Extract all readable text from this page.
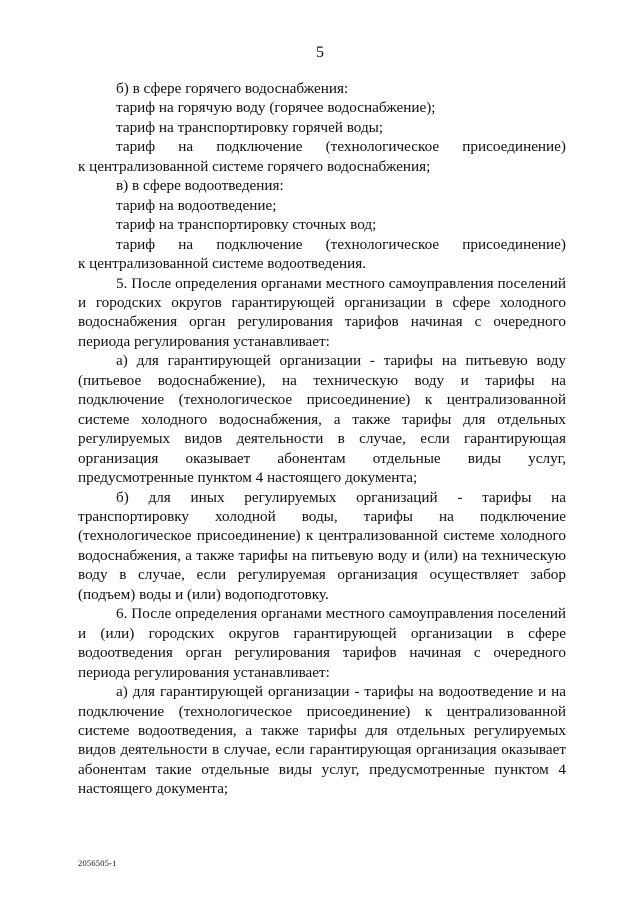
5

б) в сфере горячего водоснабжения:

тариф на горячую воду (горячее водоснабжение);

тариф на транспортировку горячей воды;

тариф на подключение (технологическое присоединение)

к централизованной системе горячего водоснабжения;

в) в сфере водоотведения:

тариф на водоотведение;

тариф на транспортировку сточных вод;

тариф на подключение (технологическое присоединение)

к централизованной системе водоотведения.

5. После определения органами местного самоуправления поселений и городских округов гарантирующей организации в сфере холодного водоснабжения орган регулирования тарифов начиная с очередного периода регулирования устанавливает:

а) для гарантирующей организации - тарифы на питьевую воду (питьевое водоснабжение), на техническую воду и тарифы на подключение (технологическое присоединение) к централизованной системе холодного водоснабжения, а также тарифы для отдельных регулируемых видов деятельности в случае, если гарантирующая организация оказывает абонентам отдельные виды услуг, предусмотренные пунктом 4 настоящего документа;

б) для иных регулируемых организаций - тарифы на транспортировку холодной воды, тарифы на подключение (технологическое присоединение) к централизованной системе холодного водоснабжения, а также тарифы на питьевую воду и (или) на техническую воду в случае, если регулируемая организация осуществляет забор (подъем) воды и (или) водоподготовку.

6. После определения органами местного самоуправления поселений и (или) городских округов гарантирующей организации в сфере водоотведения орган регулирования тарифов начиная с очередного периода регулирования устанавливает:

а) для гарантирующей организации - тарифы на водоотведение и на подключение (технологическое присоединение) к централизованной системе водоотведения, а также тарифы для отдельных регулируемых видов деятельности в случае, если гарантирующая организация оказывает абонентам такие отдельные виды услуг, предусмотренные пунктом 4 настоящего документа;

2056505-1
